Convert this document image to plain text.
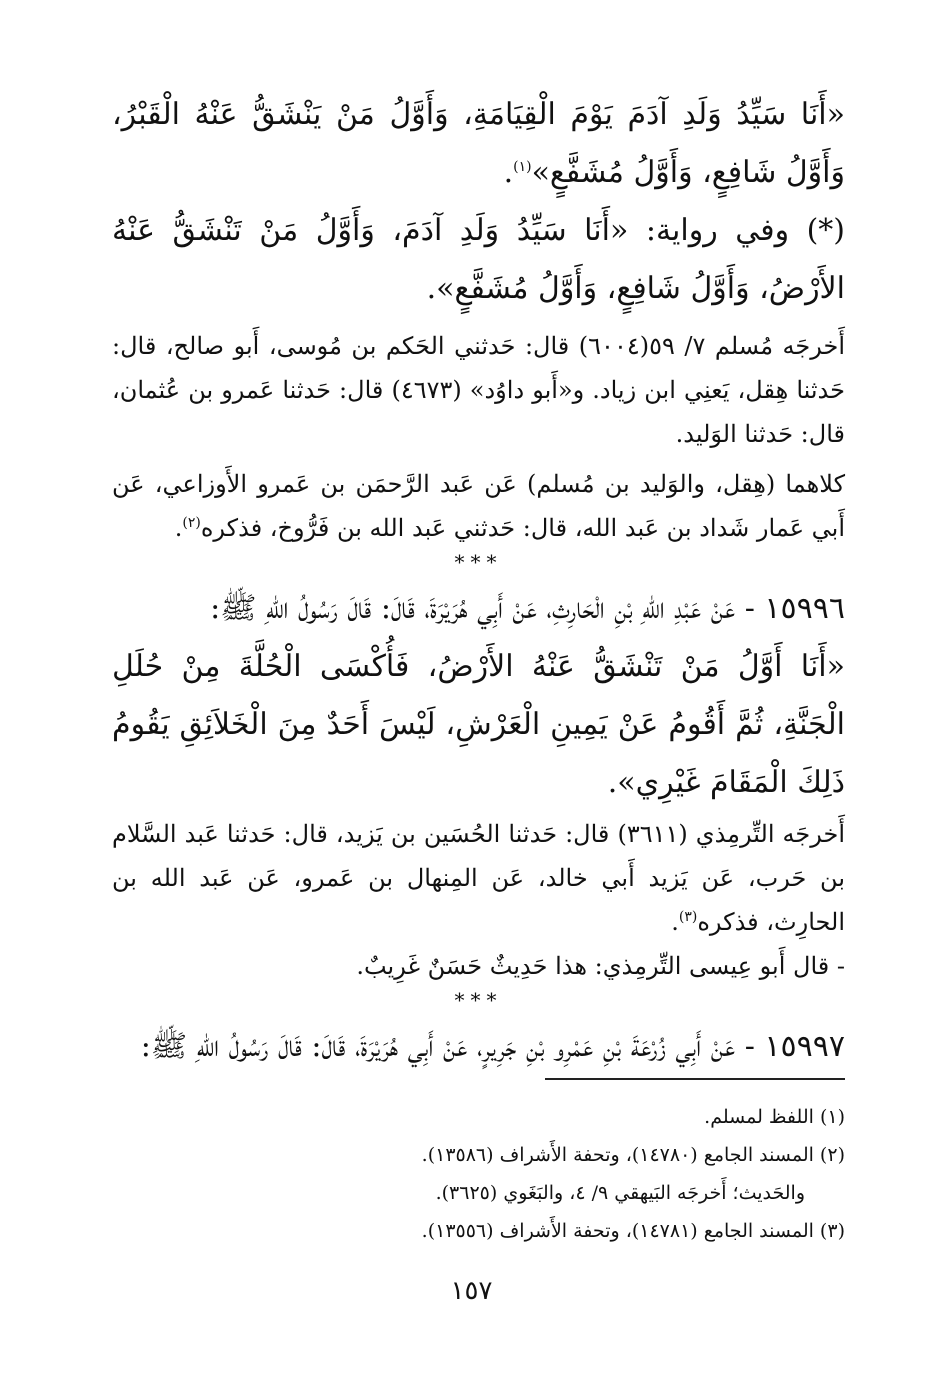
«أَنَا سَيِّدُ وَلَدِ آدَمَ يَوْمَ الْقِيَامَةِ، وَأَوَّلُ مَنْ يَنْشَقُّ عَنْهُ الْقَبْرُ، وَأَوَّلُ شَافِعٍ، وَأَوَّلُ مُشَفَّعٍ»$^{(١)}$.

(*) وفي رواية: «أَنَا سَيِّدُ وَلَدِ آدَمَ، وَأَوَّلُ مَنْ تَنْشَقُّ عَنْهُ الأَرْضُ، وَأَوَّلُ شَافِعٍ، وَأَوَّلُ مُشَفَّعٍ».

أَخرجَه مُسلم ٧/ ٥٩(٦٠٠٤) قال: حَدثني الحَكم بن مُوسى، أَبو صالح، قال: حَدثنا هِقل، يَعنِي ابن زياد. و«أَبو داوُد» (٤٦٧٣) قال: حَدثنا عَمرو بن عُثمان، قال: حَدثنا الوَليد.

كلاهما (هِقل، والوَليد بن مُسلم) عَن عَبد الرَّحمَن بن عَمرو الأَوزاعي، عَن أَبي عَمار شَداد بن عَبد الله، قال: حَدثني عَبد الله بن فَرُّوخ، فذكره$^{(٢)}$.

***

١٥٩٩٦ - عَنْ عَبْدِ اللهِ بْنِ الْحَارِثِ، عَنْ أَبِي هُرَيْرَةَ، قَالَ: قَالَ رَسُولُ اللهِ ﷺ:

«أَنَا أَوَّلُ مَنْ تَنْشَقُّ عَنْهُ الأَرْضُ، فَأُكْسَى الْحُلَّةَ مِنْ حُلَلِ الْجَنَّةِ، ثُمَّ أَقُومُ عَنْ يَمِينِ الْعَرْشِ، لَيْسَ أَحَدٌ مِنَ الْخَلاَئِقِ يَقُومُ ذَلِكَ الْمَقَامَ غَيْرِي».

أَخرجَه التِّرمِذي (٣٦١١) قال: حَدثنا الحُسَين بن يَزيد، قال: حَدثنا عَبد السَّلام بن حَرب، عَن يَزيد أَبي خالد، عَن المِنهال بن عَمرو، عَن عَبد الله بن الحارِث، فذكره$^{(٣)}$.

- قال أَبو عِيسى التِّرمِذي: هذا حَدِيثٌ حَسَنٌ غَرِيبٌ.

***

١٥٩٩٧ - عَنْ أَبِي زُرْعَةَ بْنِ عَمْرِو بْنِ جَرِيرٍ، عَنْ أَبِي هُرَيْرَةَ، قَالَ: قَالَ رَسُولُ اللهِ ﷺ:

(١) اللفظ لمسلم.

(٢) المسند الجامع (١٤٧٨٠)، وتحفة الأَشراف (١٣٥٨٦).

والحَديث؛ أَخرجَه البَيهقي ٩/ ٤، والبَغَوي (٣٦٢٥).

(٣) المسند الجامع (١٤٧٨١)، وتحفة الأَشراف (١٣٥٥٦).

١٥٧
